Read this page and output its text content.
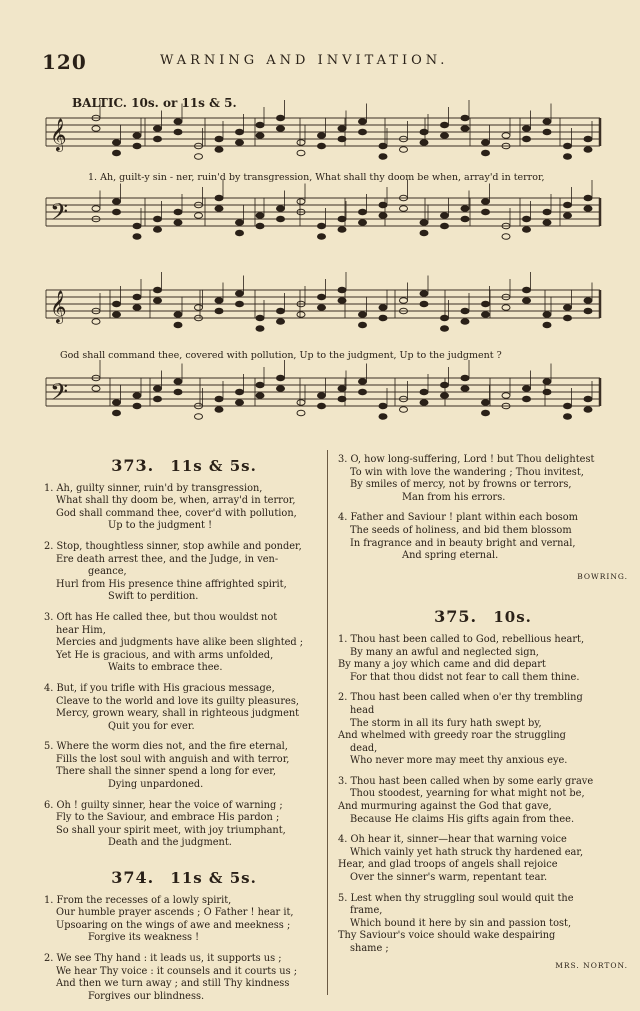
120	WARNING AND INVITATION.
BALTIC. 10s. or 11s & 5.
𝄞
𝄢
𝄞
𝄢
1. Ah, guilt-y sin - ner, ruin'd by transgression, What shall thy doom be when, array'd in terror,
God shall command thee, covered with pollution, Up to the judgment, Up to the judgment ?
373. 11s & 5s.
1. Ah, guilty sinner, ruin'd by transgression,
What shall thy doom be, when, array'd in terror,
God shall command thee, cover'd with pollution,
Up to the judgment !
2. Stop, thoughtless sinner, stop awhile and ponder,
Ere death arrest thee, and the Judge, in ven-
geance,
Hurl from His presence thine affrighted spirit,
Swift to perdition.
3. Oft has He called thee, but thou wouldst not
hear Him,
Mercies and judgments have alike been slighted ;
Yet He is gracious, and with arms unfolded,
Waits to embrace thee.
4. But, if you trifle with His gracious message,
Cleave to the world and love its guilty pleasures,
Mercy, grown weary, shall in righteous judgment
Quit you for ever.
5. Where the worm dies not, and the fire eternal,
Fills the lost soul with anguish and with terror,
There shall the sinner spend a long for ever,
Dying unpardoned.
6. Oh ! guilty sinner, hear the voice of warning ;
Fly to the Saviour, and embrace His pardon ;
So shall your spirit meet, with joy triumphant,
Death and the judgment.
374. 11s & 5s.
1. From the recesses of a lowly spirit,
Our humble prayer ascends ; O Father ! hear it,
Upsoaring on the wings of awe and meekness ;
Forgive its weakness !
2. We see Thy hand : it leads us, it supports us ;
We hear Thy voice : it counsels and it courts us ;
And then we turn away ; and still Thy kindness
Forgives our blindness.
3. O, how long-suffering, Lord ! but Thou delightest
To win with love the wandering ; Thou invitest,
By smiles of mercy, not by frowns or terrors,
Man from his errors.
4. Father and Saviour ! plant within each bosom
The seeds of holiness, and bid them blossom
In fragrance and in beauty bright and vernal,
And spring eternal.
BOWRING.
375. 10s.
1. Thou hast been called to God, rebellious heart,
By many an awful and neglected sign,
By many a joy which came and did depart
For that thou didst not fear to call them thine.
2. Thou hast been called when o'er thy trembling
head
The storm in all its fury hath swept by,
And whelmed with greedy roar the struggling
dead,
Who never more may meet thy anxious eye.
3. Thou hast been called when by some early grave
Thou stoodest, yearning for what might not be,
And murmuring against the God that gave,
Because He claims His gifts again from thee.
4. Oh hear it, sinner—hear that warning voice
Which vainly yet hath struck thy hardened ear,
Hear, and glad troops of angels shall rejoice
Over the sinner's warm, repentant tear.
5. Lest when thy struggling soul would quit the
frame,
Which bound it here by sin and passion tost,
Thy Saviour's voice should wake despairing
shame ;
MRS. NORTON.
